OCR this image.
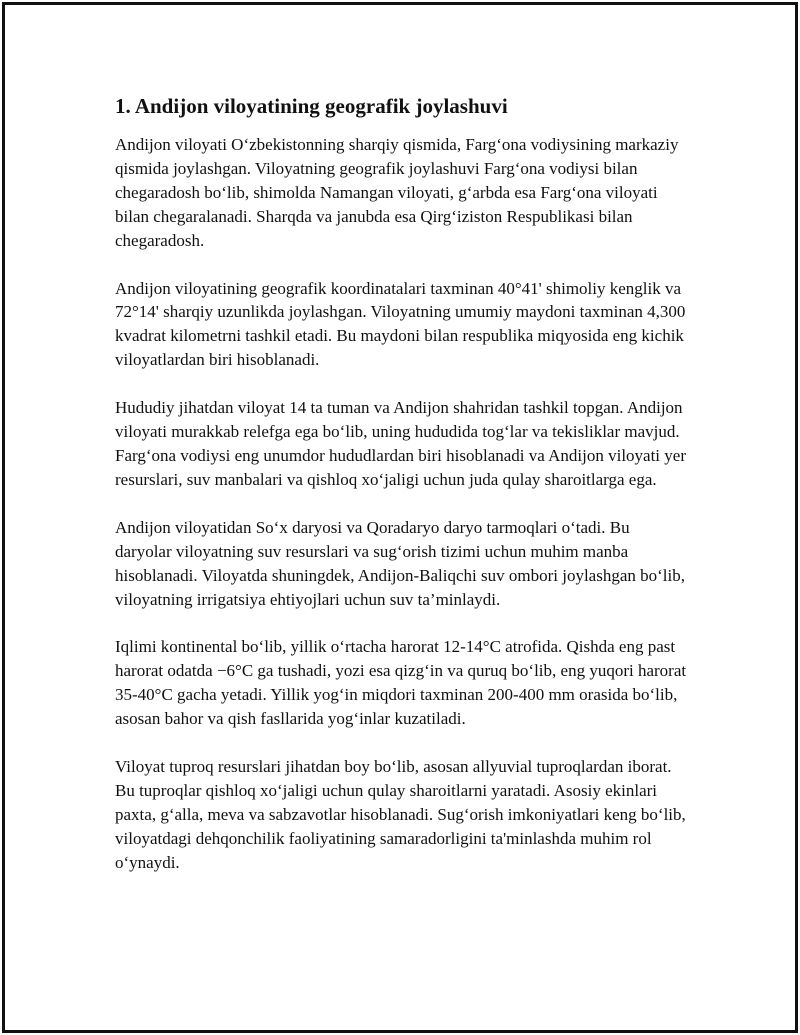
1. Andijon viloyatining geografik joylashuvi

Andijon viloyati O‘zbekistonning sharqiy qismida, Farg‘ona vodiysining markaziy qismida joylashgan. Viloyatning geografik joylashuvi Farg‘ona vodiysi bilan chegaradosh bo‘lib, shimolda Namangan viloyati, g‘arbda esa Farg‘ona viloyati bilan chegaralanadi. Sharqda va janubda esa Qirg‘iziston Respublikasi bilan chegaradosh.

Andijon viloyatining geografik koordinatalari taxminan 40°41' shimoliy kenglik va 72°14' sharqiy uzunlikda joylashgan. Viloyatning umumiy maydoni taxminan 4,300 kvadrat kilometrni tashkil etadi. Bu maydoni bilan respublika miqyosida eng kichik viloyatlardan biri hisoblanadi.

Hududiy jihatdan viloyat 14 ta tuman va Andijon shahridan tashkil topgan. Andijon viloyati murakkab relefga ega bo‘lib, uning hududida tog‘lar va tekisliklar mavjud. Farg‘ona vodiysi eng unumdor hududlardan biri hisoblanadi va Andijon viloyati yer resurslari, suv manbalari va qishloq xo‘jaligi uchun juda qulay sharoitlarga ega.

Andijon viloyatidan So‘x daryosi va Qoradaryo daryo tarmoqlari o‘tadi. Bu daryolar viloyatning suv resurslari va sug‘orish tizimi uchun muhim manba hisoblanadi. Viloyatda shuningdek, Andijon-Baliqchi suv ombori joylashgan bo‘lib, viloyatning irrigatsiya ehtiyojlari uchun suv ta’minlaydi.

Iqlimi kontinental bo‘lib, yillik o‘rtacha harorat 12-14°C atrofida. Qishda eng past harorat odatda −6°C ga tushadi, yozi esa qizg‘in va quruq bo‘lib, eng yuqori harorat 35-40°C gacha yetadi. Yillik yog‘in miqdori taxminan 200-400 mm orasida bo‘lib, asosan bahor va qish fasllarida yog‘inlar kuzatiladi.

Viloyat tuproq resurslari jihatdan boy bo‘lib, asosan allyuvial tuproqlardan iborat. Bu tuproqlar qishloq xo‘jaligi uchun qulay sharoitlarni yaratadi. Asosiy ekinlari paxta, g‘alla, meva va sabzavotlar hisoblanadi. Sug‘orish imkoniyatlari keng bo‘lib, viloyatdagi dehqonchilik faoliyatining samaradorligini ta'minlashda muhim rol o‘ynaydi.
